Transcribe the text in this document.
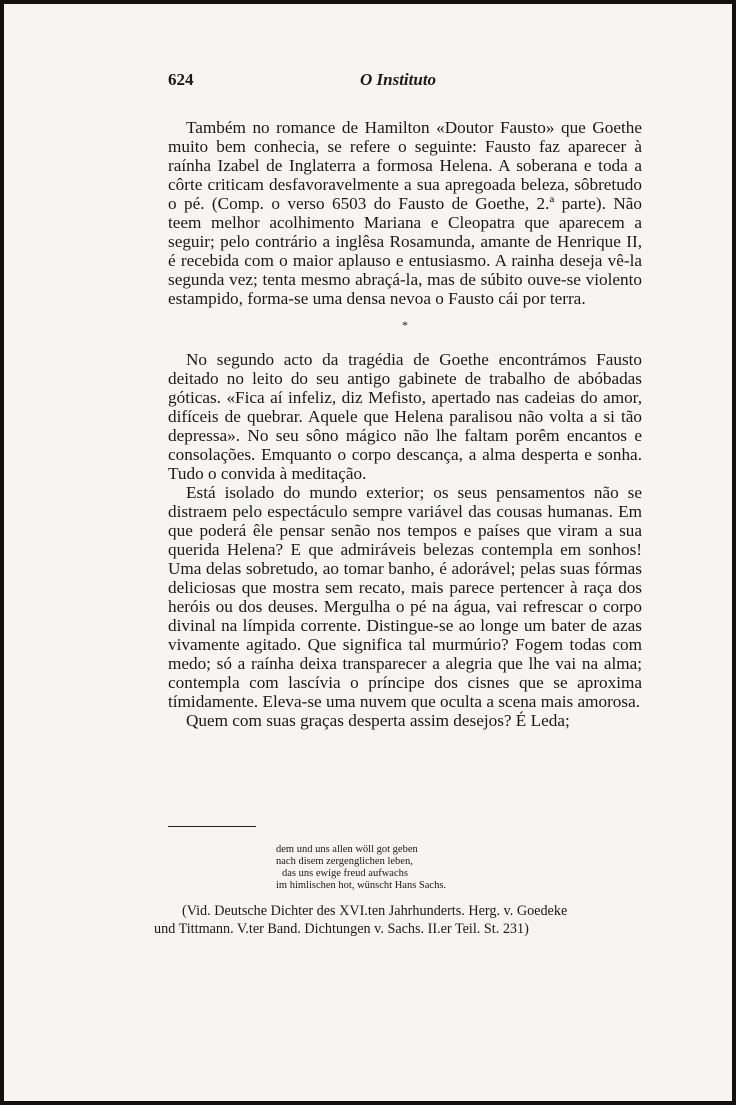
624	O Instituto

Também no romance de Hamilton «Doutor Fausto» que Goethe muito bem conhecia, se refere o seguinte: Fausto faz aparecer à raínha Izabel de Inglaterra a formosa Helena. A soberana e toda a côrte criticam desfavoravelmente a sua apregoada beleza, sôbretudo o pé. (Comp. o verso 6503 do Fausto de Goethe, 2.ª parte). Não teem melhor acolhimento Mariana e Cleopatra que aparecem a seguir; pelo contrário a inglêsa Rosamunda, amante de Henrique II, é recebida com o maior aplauso e entusiasmo. A rainha deseja vê-la segunda vez; tenta mesmo abraçá-la, mas de súbito ouve-se violento estampido, forma-se uma densa nevoa o Fausto cái por terra.

*

No segundo acto da tragédia de Goethe encontrámos Fausto deitado no leito do seu antigo gabinete de trabalho de abóbadas góticas. «Fica aí infeliz, diz Mefisto, apertado nas cadeias do amor, difíceis de quebrar. Aquele que Helena paralisou não volta a si tão depressa». No seu sôno mágico não lhe faltam porêm encantos e consolações. Emquanto o corpo descança, a alma desperta e sonha. Tudo o convida à meditação.

Está isolado do mundo exterior; os seus pensamentos não se distraem pelo espectáculo sempre variável das cousas humanas. Em que poderá êle pensar senão nos tempos e países que viram a sua querida Helena? E que admiráveis belezas contempla em sonhos! Uma delas sobretudo, ao tomar banho, é adorável; pelas suas fórmas deliciosas que mostra sem recato, mais parece pertencer à raça dos heróis ou dos deuses. Mergulha o pé na água, vai refrescar o corpo divinal na límpida corrente. Distingue-se ao longe um bater de azas vivamente agitado. Que significa tal murmúrio? Fogem todas com medo; só a raínha deixa transparecer a alegria que lhe vai na alma; contempla com lascívia o príncipe dos cisnes que se aproxima tímidamente. Eleva-se uma nuvem que oculta a scena mais amorosa.

Quem com suas graças desperta assim desejos? É Leda;

dem und uns allen wöll got geben
nach disem zergenglichen leben,
das uns ewige freud aufwachs
im himlischen hot, wünscht Hans Sachs.
(Vid. Deutsche Dichter des XVI.ten Jahrhunderts. Herg. v. Goedeke
und Tittmann. V.ter Band. Dichtungen v. Sachs. II.er Teil. St. 231)
